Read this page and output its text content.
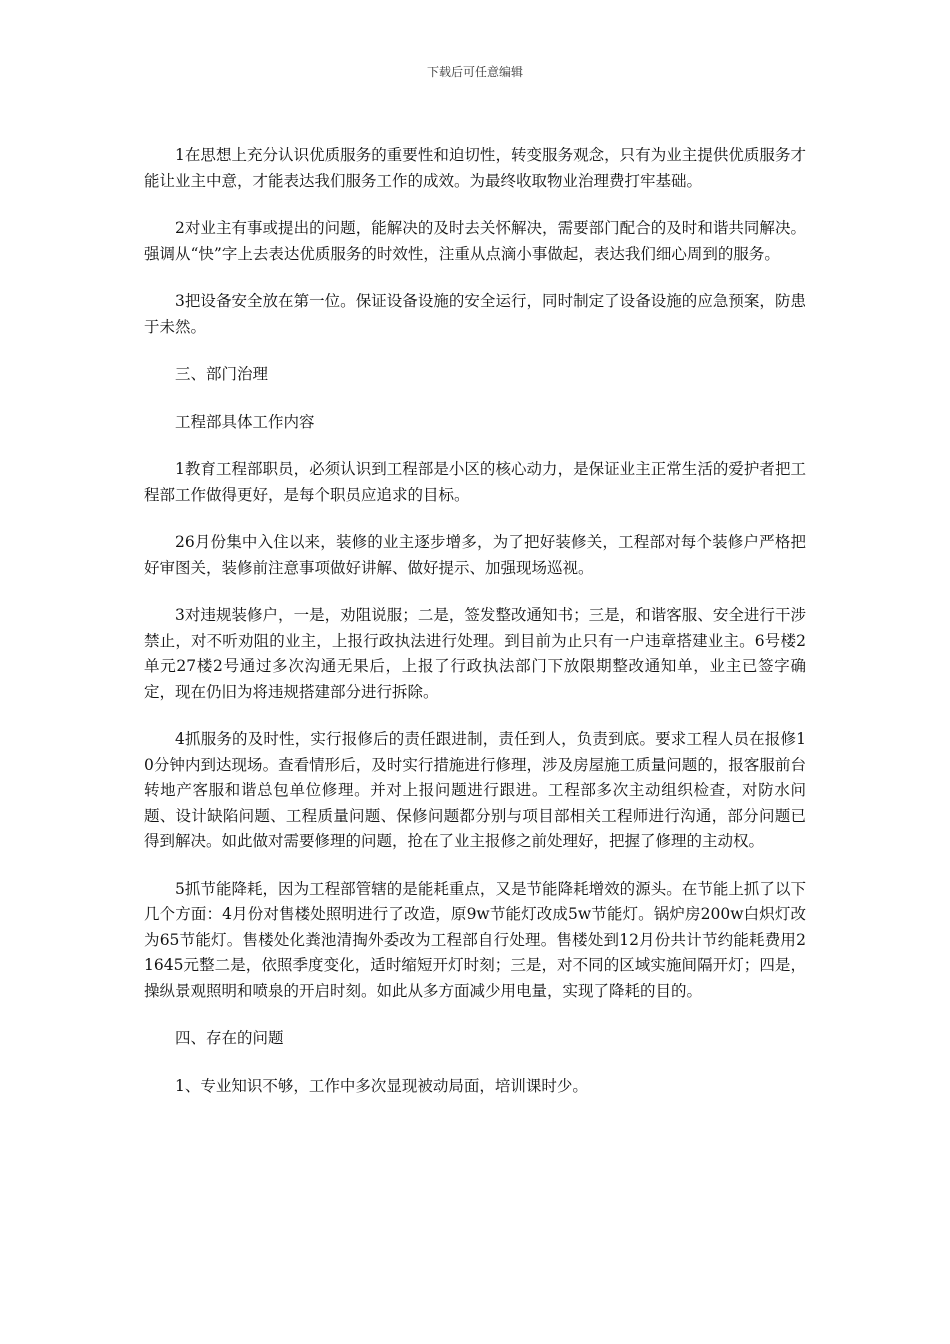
下载后可任意编辑

1在思想上充分认识优质服务的重要性和迫切性，转变服务观念，只有为业主提供优质服务才能让业主中意，才能表达我们服务工作的成效。为最终收取物业治理费打牢基础。

2对业主有事或提出的问题，能解决的及时去关怀解决，需要部门配合的及时和谐共同解决。强调从“快”字上去表达优质服务的时效性，注重从点滴小事做起，表达我们细心周到的服务。

3把设备安全放在第一位。保证设备设施的安全运行，同时制定了设备设施的应急预案，防患于未然。

三、部门治理

工程部具体工作内容

1教育工程部职员，必须认识到工程部是小区的核心动力，是保证业主正常生活的爱护者把工程部工作做得更好，是每个职员应追求的目标。

26月份集中入住以来，装修的业主逐步增多，为了把好装修关，工程部对每个装修户严格把好审图关，装修前注意事项做好讲解、做好提示、加强现场巡视。

3对违规装修户，一是，劝阻说服；二是，签发整改通知书；三是，和谐客服、安全进行干涉禁止，对不听劝阻的业主，上报行政执法进行处理。到目前为止只有一户违章搭建业主。6号楼2单元27楼2号通过多次沟通无果后，上报了行政执法部门下放限期整改通知单，业主已签字确定，现在仍旧为将违规搭建部分进行拆除。

4抓服务的及时性，实行报修后的责任跟进制，责任到人，负责到底。要求工程人员在报修10分钟内到达现场。查看情形后，及时实行措施进行修理，涉及房屋施工质量问题的，报客服前台转地产客服和谐总包单位修理。并对上报问题进行跟进。工程部多次主动组织检查，对防水问题、设计缺陷问题、工程质量问题、保修问题都分别与项目部相关工程师进行沟通，部分问题已得到解决。如此做对需要修理的问题，抢在了业主报修之前处理好，把握了修理的主动权。

5抓节能降耗，因为工程部管辖的是能耗重点，又是节能降耗增效的源头。在节能上抓了以下几个方面：4月份对售楼处照明进行了改造，原9w节能灯改成5w节能灯。锅炉房200w白炽灯改为65节能灯。售楼处化粪池清掏外委改为工程部自行处理。售楼处到12月份共计节约能耗费用21645元整二是，依照季度变化，适时缩短开灯时刻；三是，对不同的区域实施间隔开灯；四是，操纵景观照明和喷泉的开启时刻。如此从多方面减少用电量，实现了降耗的目的。

四、存在的问题

1、专业知识不够，工作中多次显现被动局面，培训课时少。
